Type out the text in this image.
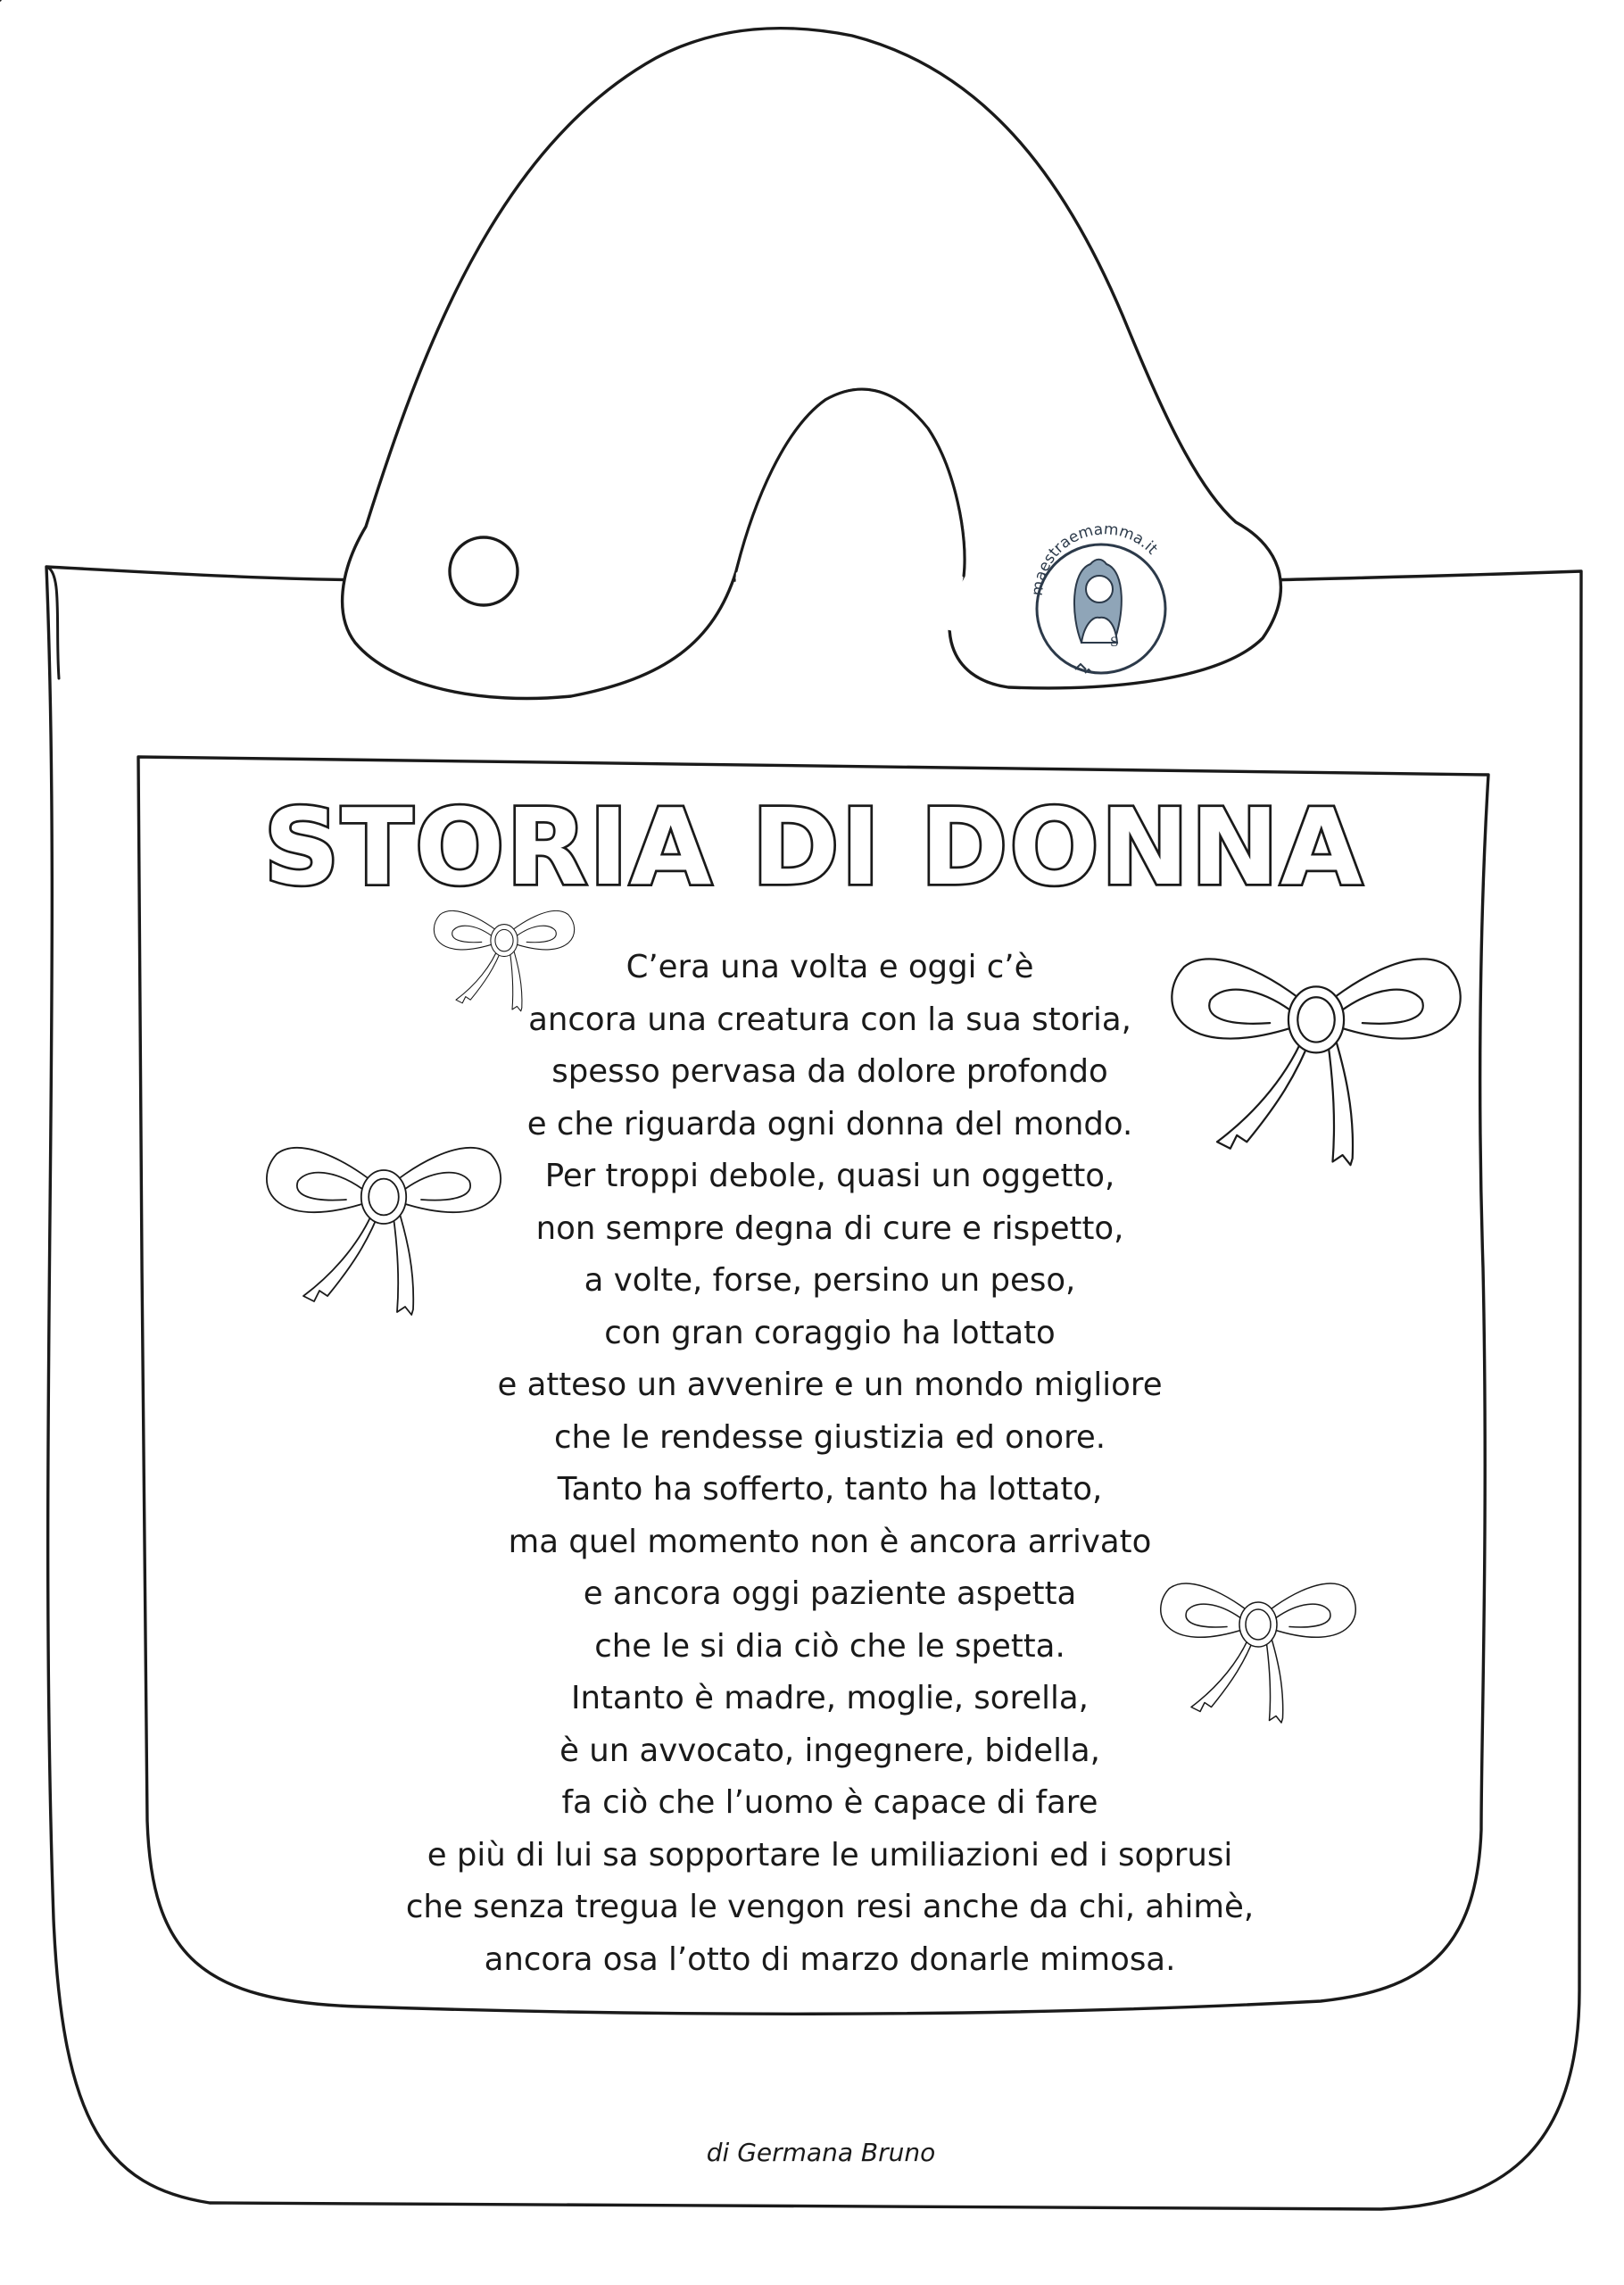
S
maestraemamma.it
STORIA DI DONNA
C’era una volta e oggi c’è
ancora una creatura con la sua storia,
spesso pervasa da dolore profondo
e che riguarda ogni donna del mondo.
Per troppi debole, quasi un oggetto,
non sempre degna di cure e rispetto,
a volte, forse, persino un peso,
con gran coraggio ha lottato
e atteso un avvenire e un mondo migliore
che le rendesse giustizia ed onore.
Tanto ha sofferto, tanto ha lottato,
ma quel momento non è ancora arrivato
e ancora oggi paziente aspetta
che le si dia ciò che le spetta.
Intanto è madre, moglie, sorella,
è un avvocato, ingegnere, bidella,
fa ciò che l’uomo è capace di fare
e più di lui sa sopportare le umiliazioni ed i soprusi
che senza tregua le vengon resi anche da chi, ahimè,
ancora osa l’otto di marzo donarle mimosa.
di Germana Bruno
